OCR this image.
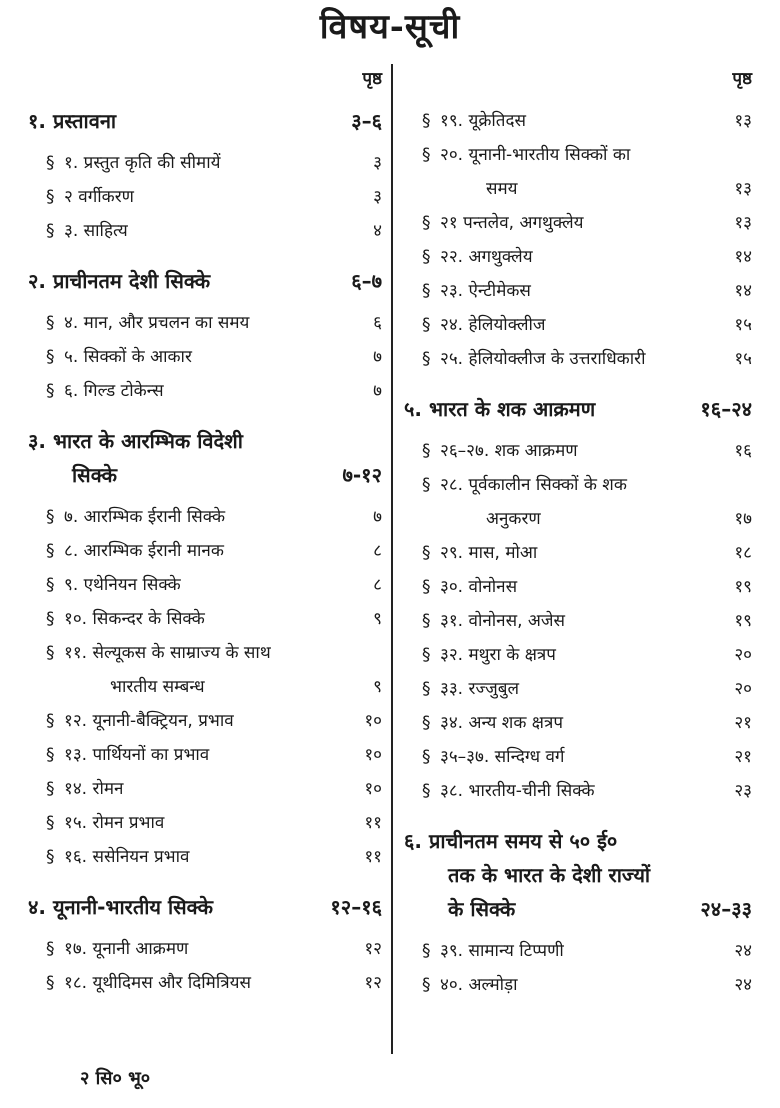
विषय-सूची
पृष्ठ
१. प्रस्तावना	३–६
§ १. प्रस्तुत कृति की सीमायें	३
§ २ वर्गीकरण	३
§ ३. साहित्य	४
२. प्राचीनतम देशी सिक्के	६–७
§ ४. मान, और प्रचलन का समय	६
§ ५. सिक्कों के आकार	७
§ ६. गिल्ड टोकेन्स	७
३. भारत के आरम्भिक विदेशी
सिक्के	७-१२
§ ७. आरम्भिक ईरानी सिक्के	७
§ ८. आरम्भिक ईरानी मानक	८
§ ९. एथेनियन सिक्के	८
§ १०. सिकन्दर के सिक्के	९
§ ११. सेल्यूकस के साम्राज्य के साथ
भारतीय सम्बन्ध	९
§ १२. यूनानी-बैक्ट्रियन, प्रभाव	१०
§ १३. पार्थियनों का प्रभाव	१०
§ १४. रोमन	१०
§ १५. रोमन प्रभाव	११
§ १६. ससेनियन प्रभाव	११
४. यूनानी-भारतीय सिक्के	१२–१६
§ १७. यूनानी आक्रमण	१२
§ १८. यूथीदिमस और दिमित्रियस	१२
पृष्ठ
§ १९. यूक्रेतिदस	१३
§ २०. यूनानी-भारतीय सिक्कों का
समय	१३
§ २१ पन्तलेव, अगथुक्लेय	१३
§ २२. अगथुक्लेय	१४
§ २३. ऐन्टीमेकस	१४
§ २४. हेलियोक्लीज	१५
§ २५. हेलियोक्लीज के उत्तराधिकारी	१५
५. भारत के शक आक्रमण	१६–२४
§ २६–२७. शक आक्रमण	१६
§ २८. पूर्वकालीन सिक्कों के शक
अनुकरण	१७
§ २९. मास, मोआ	१८
§ ३०. वोनोनस	१९
§ ३१. वोनोनस, अजेस	१९
§ ३२. मथुरा के क्षत्रप	२०
§ ३३. रज्जुबुल	२०
§ ३४. अन्य शक क्षत्रप	२१
§ ३५–३७. सन्दिग्ध वर्ग	२१
§ ३८. भारतीय-चीनी सिक्के	२३
६. प्राचीनतम समय से ५० ई०
तक के भारत के देशी राज्यों
के सिक्के	२४–३३
§ ३९. सामान्य टिप्पणी	२४
§ ४०. अल्मोड़ा	२४
२ सि० भू०
